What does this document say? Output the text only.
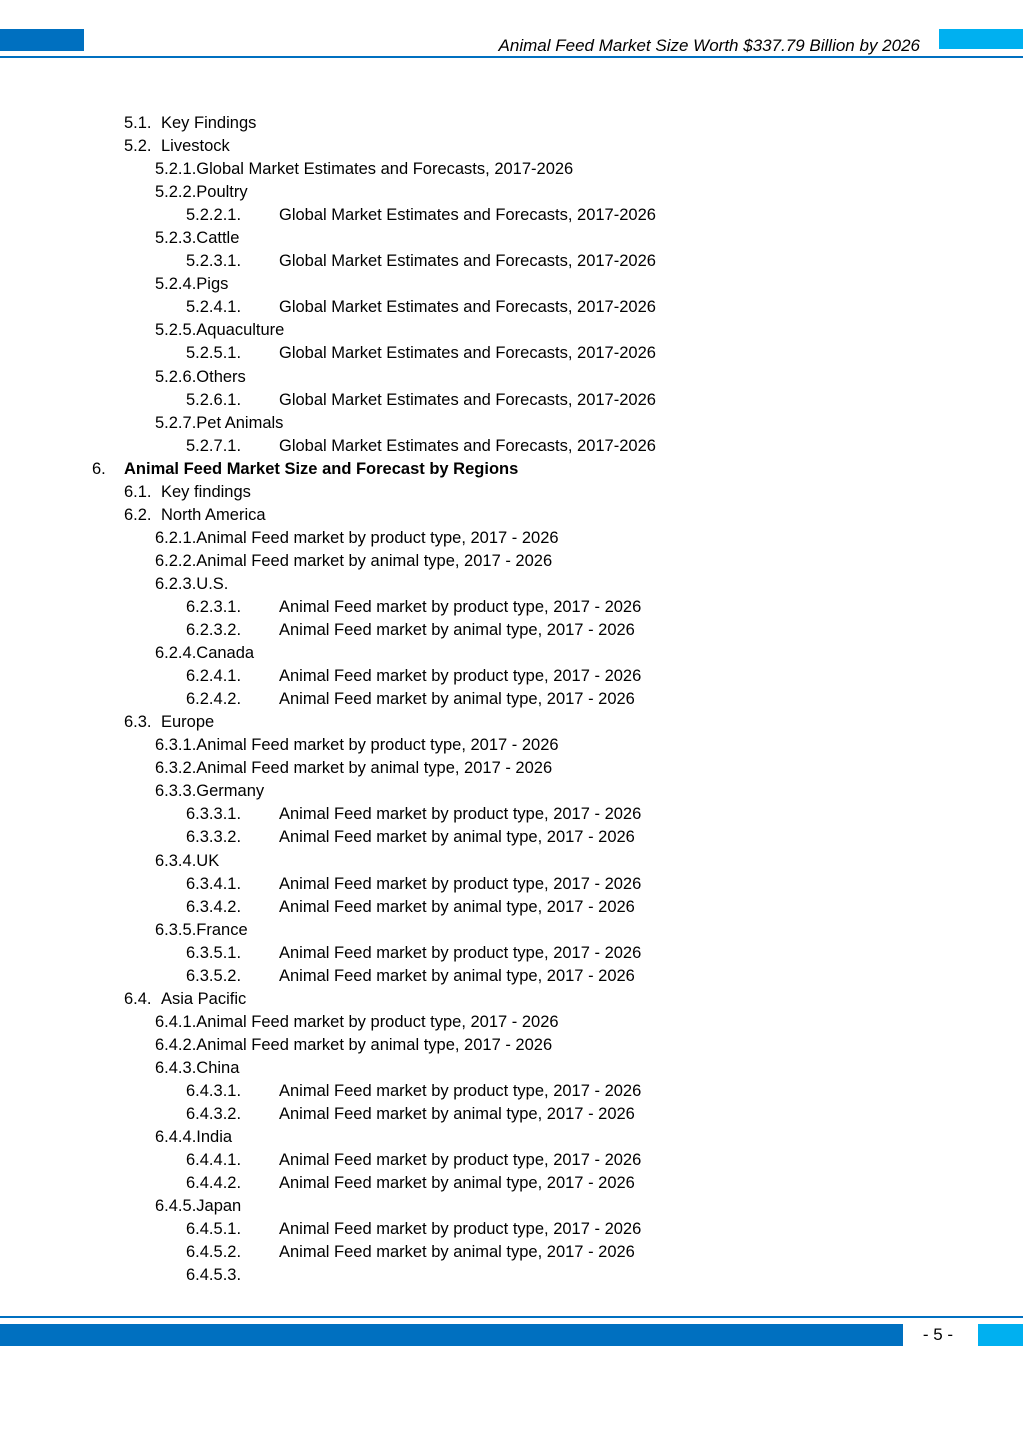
Animal Feed Market Size Worth $337.79 Billion by 2026
5.1. Key Findings
5.2. Livestock
5.2.1.Global Market Estimates and Forecasts, 2017-2026
5.2.2.Poultry
5.2.2.1. Global Market Estimates and Forecasts, 2017-2026
5.2.3.Cattle
5.2.3.1. Global Market Estimates and Forecasts, 2017-2026
5.2.4.Pigs
5.2.4.1. Global Market Estimates and Forecasts, 2017-2026
5.2.5.Aquaculture
5.2.5.1. Global Market Estimates and Forecasts, 2017-2026
5.2.6.Others
5.2.6.1. Global Market Estimates and Forecasts, 2017-2026
5.2.7.Pet Animals
5.2.7.1. Global Market Estimates and Forecasts, 2017-2026
6. Animal Feed Market Size and Forecast by Regions
6.1. Key findings
6.2. North America
6.2.1.Animal Feed market by product type, 2017 - 2026
6.2.2.Animal Feed market by animal type, 2017 - 2026
6.2.3.U.S.
6.2.3.1. Animal Feed market by product type, 2017 - 2026
6.2.3.2. Animal Feed market by animal type, 2017 - 2026
6.2.4.Canada
6.2.4.1. Animal Feed market by product type, 2017 - 2026
6.2.4.2. Animal Feed market by animal type, 2017 - 2026
6.3. Europe
6.3.1.Animal Feed market by product type, 2017 - 2026
6.3.2.Animal Feed market by animal type, 2017 - 2026
6.3.3.Germany
6.3.3.1. Animal Feed market by product type, 2017 - 2026
6.3.3.2. Animal Feed market by animal type, 2017 - 2026
6.3.4.UK
6.3.4.1. Animal Feed market by product type, 2017 - 2026
6.3.4.2. Animal Feed market by animal type, 2017 - 2026
6.3.5.France
6.3.5.1. Animal Feed market by product type, 2017 - 2026
6.3.5.2. Animal Feed market by animal type, 2017 - 2026
6.4. Asia Pacific
6.4.1.Animal Feed market by product type, 2017 - 2026
6.4.2.Animal Feed market by animal type, 2017 - 2026
6.4.3.China
6.4.3.1. Animal Feed market by product type, 2017 - 2026
6.4.3.2. Animal Feed market by animal type, 2017 - 2026
6.4.4.India
6.4.4.1. Animal Feed market by product type, 2017 - 2026
6.4.4.2. Animal Feed market by animal type, 2017 - 2026
6.4.5.Japan
6.4.5.1. Animal Feed market by product type, 2017 - 2026
6.4.5.2. Animal Feed market by animal type, 2017 - 2026
6.4.5.3.
- 5 -
